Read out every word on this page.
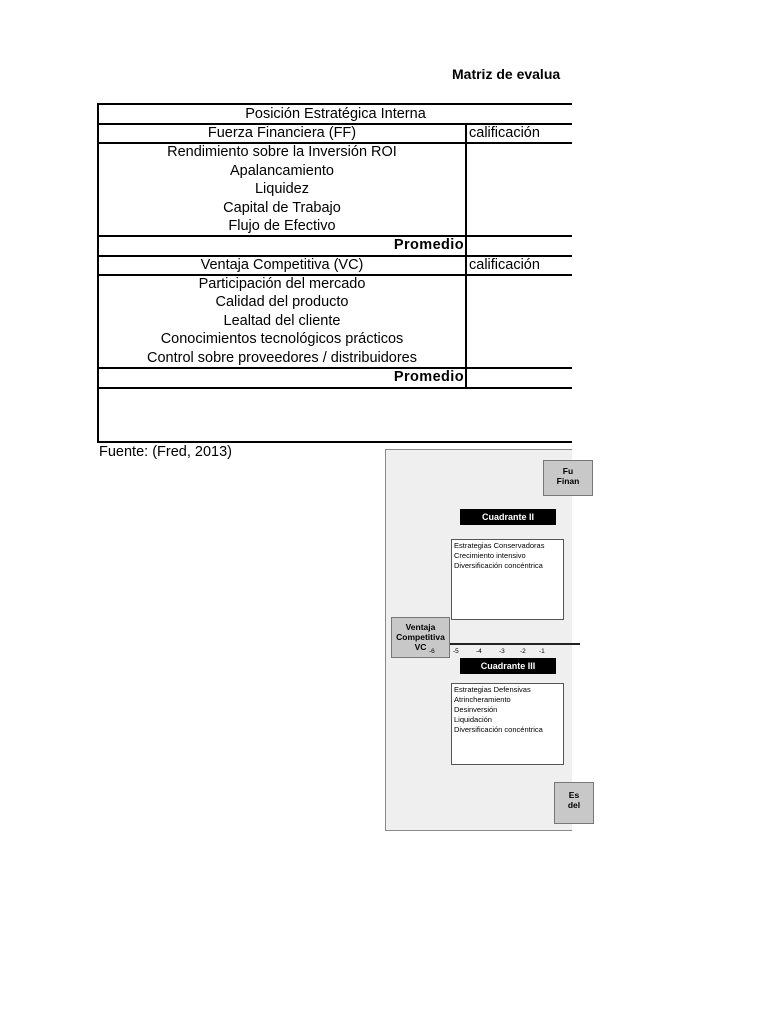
Matriz de evalua
Posición Estratégica Interna
Fuerza Financiera (FF)	calificación
Rendimiento sobre la Inversión ROI
Apalancamiento
Liquidez
Capital de Trabajo
Flujo de Efectivo
Promedio
Ventaja Competitiva (VC)	calificación
Participación del mercado
Calidad del producto
Lealtad del cliente
Conocimientos tecnológicos prácticos
Control sobre proveedores / distribuidores
Promedio
Fuente: (Fred, 2013)
Fu
Finan
Cuadrante II
Estrategias Conservadoras
Crecimiento intensivo
Diversificación concéntrica
Ventaja
Competitiva
VC -6	-5	-4	-3 -2 -1
Cuadrante III
Estrategias Defensivas
Atrincheramiento
Desinversión
Liquidación
Diversificación concéntrica
Es
del
